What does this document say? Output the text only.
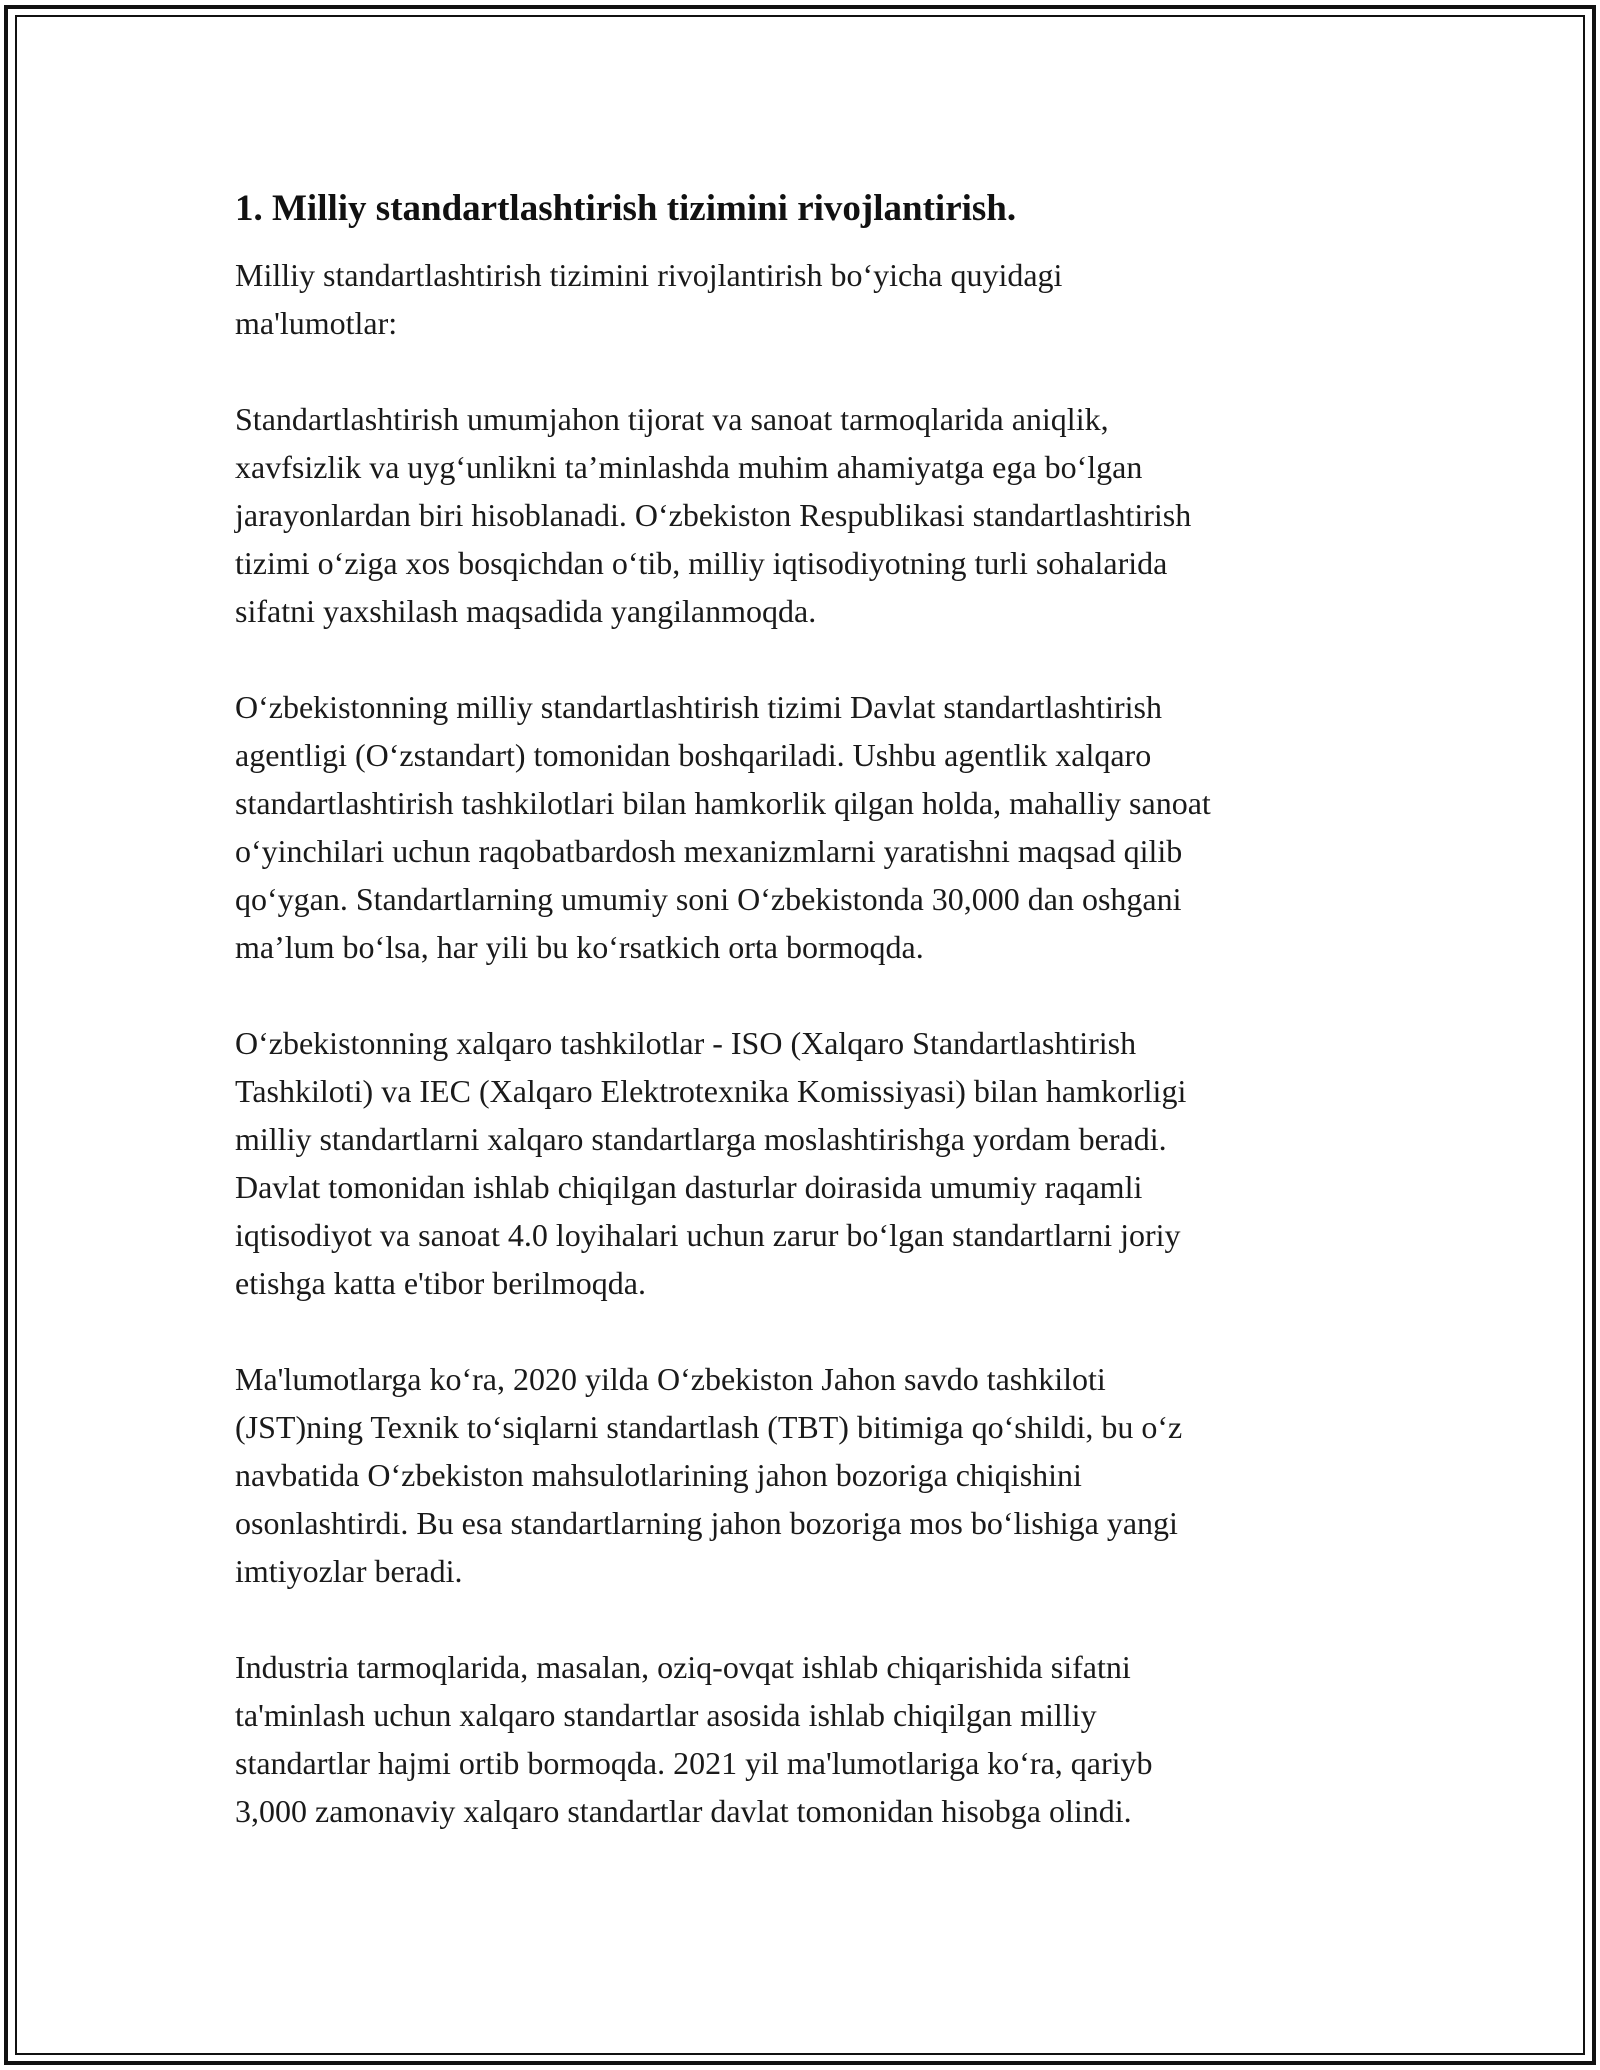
1. Milliy standartlashtirish tizimini rivojlantirish.

Milliy standartlashtirish tizimini rivojlantirish boʻyicha quyidagi
ma'lumotlar:

Standartlashtirish umumjahon tijorat va sanoat tarmoqlarida aniqlik,
xavfsizlik va uygʻunlikni taʼminlashda muhim ahamiyatga ega boʻlgan
jarayonlardan biri hisoblanadi. Oʻzbekiston Respublikasi standartlashtirish
tizimi oʻziga xos bosqichdan oʻtib, milliy iqtisodiyotning turli sohalarida
sifatni yaxshilash maqsadida yangilanmoqda.

Oʻzbekistonning milliy standartlashtirish tizimi Davlat standartlashtirish
agentligi (Oʻzstandart) tomonidan boshqariladi. Ushbu agentlik xalqaro
standartlashtirish tashkilotlari bilan hamkorlik qilgan holda, mahalliy sanoat
oʻyinchilari uchun raqobatbardosh mexanizmlarni yaratishni maqsad qilib
qoʻygan. Standartlarning umumiy soni Oʻzbekistonda 30,000 dan oshgani
maʼlum boʻlsa, har yili bu koʻrsatkich orta bormoqda.

Oʻzbekistonning xalqaro tashkilotlar - ISO (Xalqaro Standartlashtirish
Tashkiloti) va IEC (Xalqaro Elektrotexnika Komissiyasi) bilan hamkorligi
milliy standartlarni xalqaro standartlarga moslashtirishga yordam beradi.
Davlat tomonidan ishlab chiqilgan dasturlar doirasida umumiy raqamli
iqtisodiyot va sanoat 4.0 loyihalari uchun zarur boʻlgan standartlarni joriy
etishga katta e'tibor berilmoqda.

Ma'lumotlarga koʻra, 2020 yilda Oʻzbekiston Jahon savdo tashkiloti
(JST)ning Texnik toʻsiqlarni standartlash (TBT) bitimiga qoʻshildi, bu oʻz
navbatida Oʻzbekiston mahsulotlarining jahon bozoriga chiqishini
osonlashtirdi. Bu esa standartlarning jahon bozoriga mos boʻlishiga yangi
imtiyozlar beradi.

Industria tarmoqlarida, masalan, oziq-ovqat ishlab chiqarishida sifatni
ta'minlash uchun xalqaro standartlar asosida ishlab chiqilgan milliy
standartlar hajmi ortib bormoqda. 2021 yil ma'lumotlariga koʻra, qariyb
3,000 zamonaviy xalqaro standartlar davlat tomonidan hisobga olindi.
